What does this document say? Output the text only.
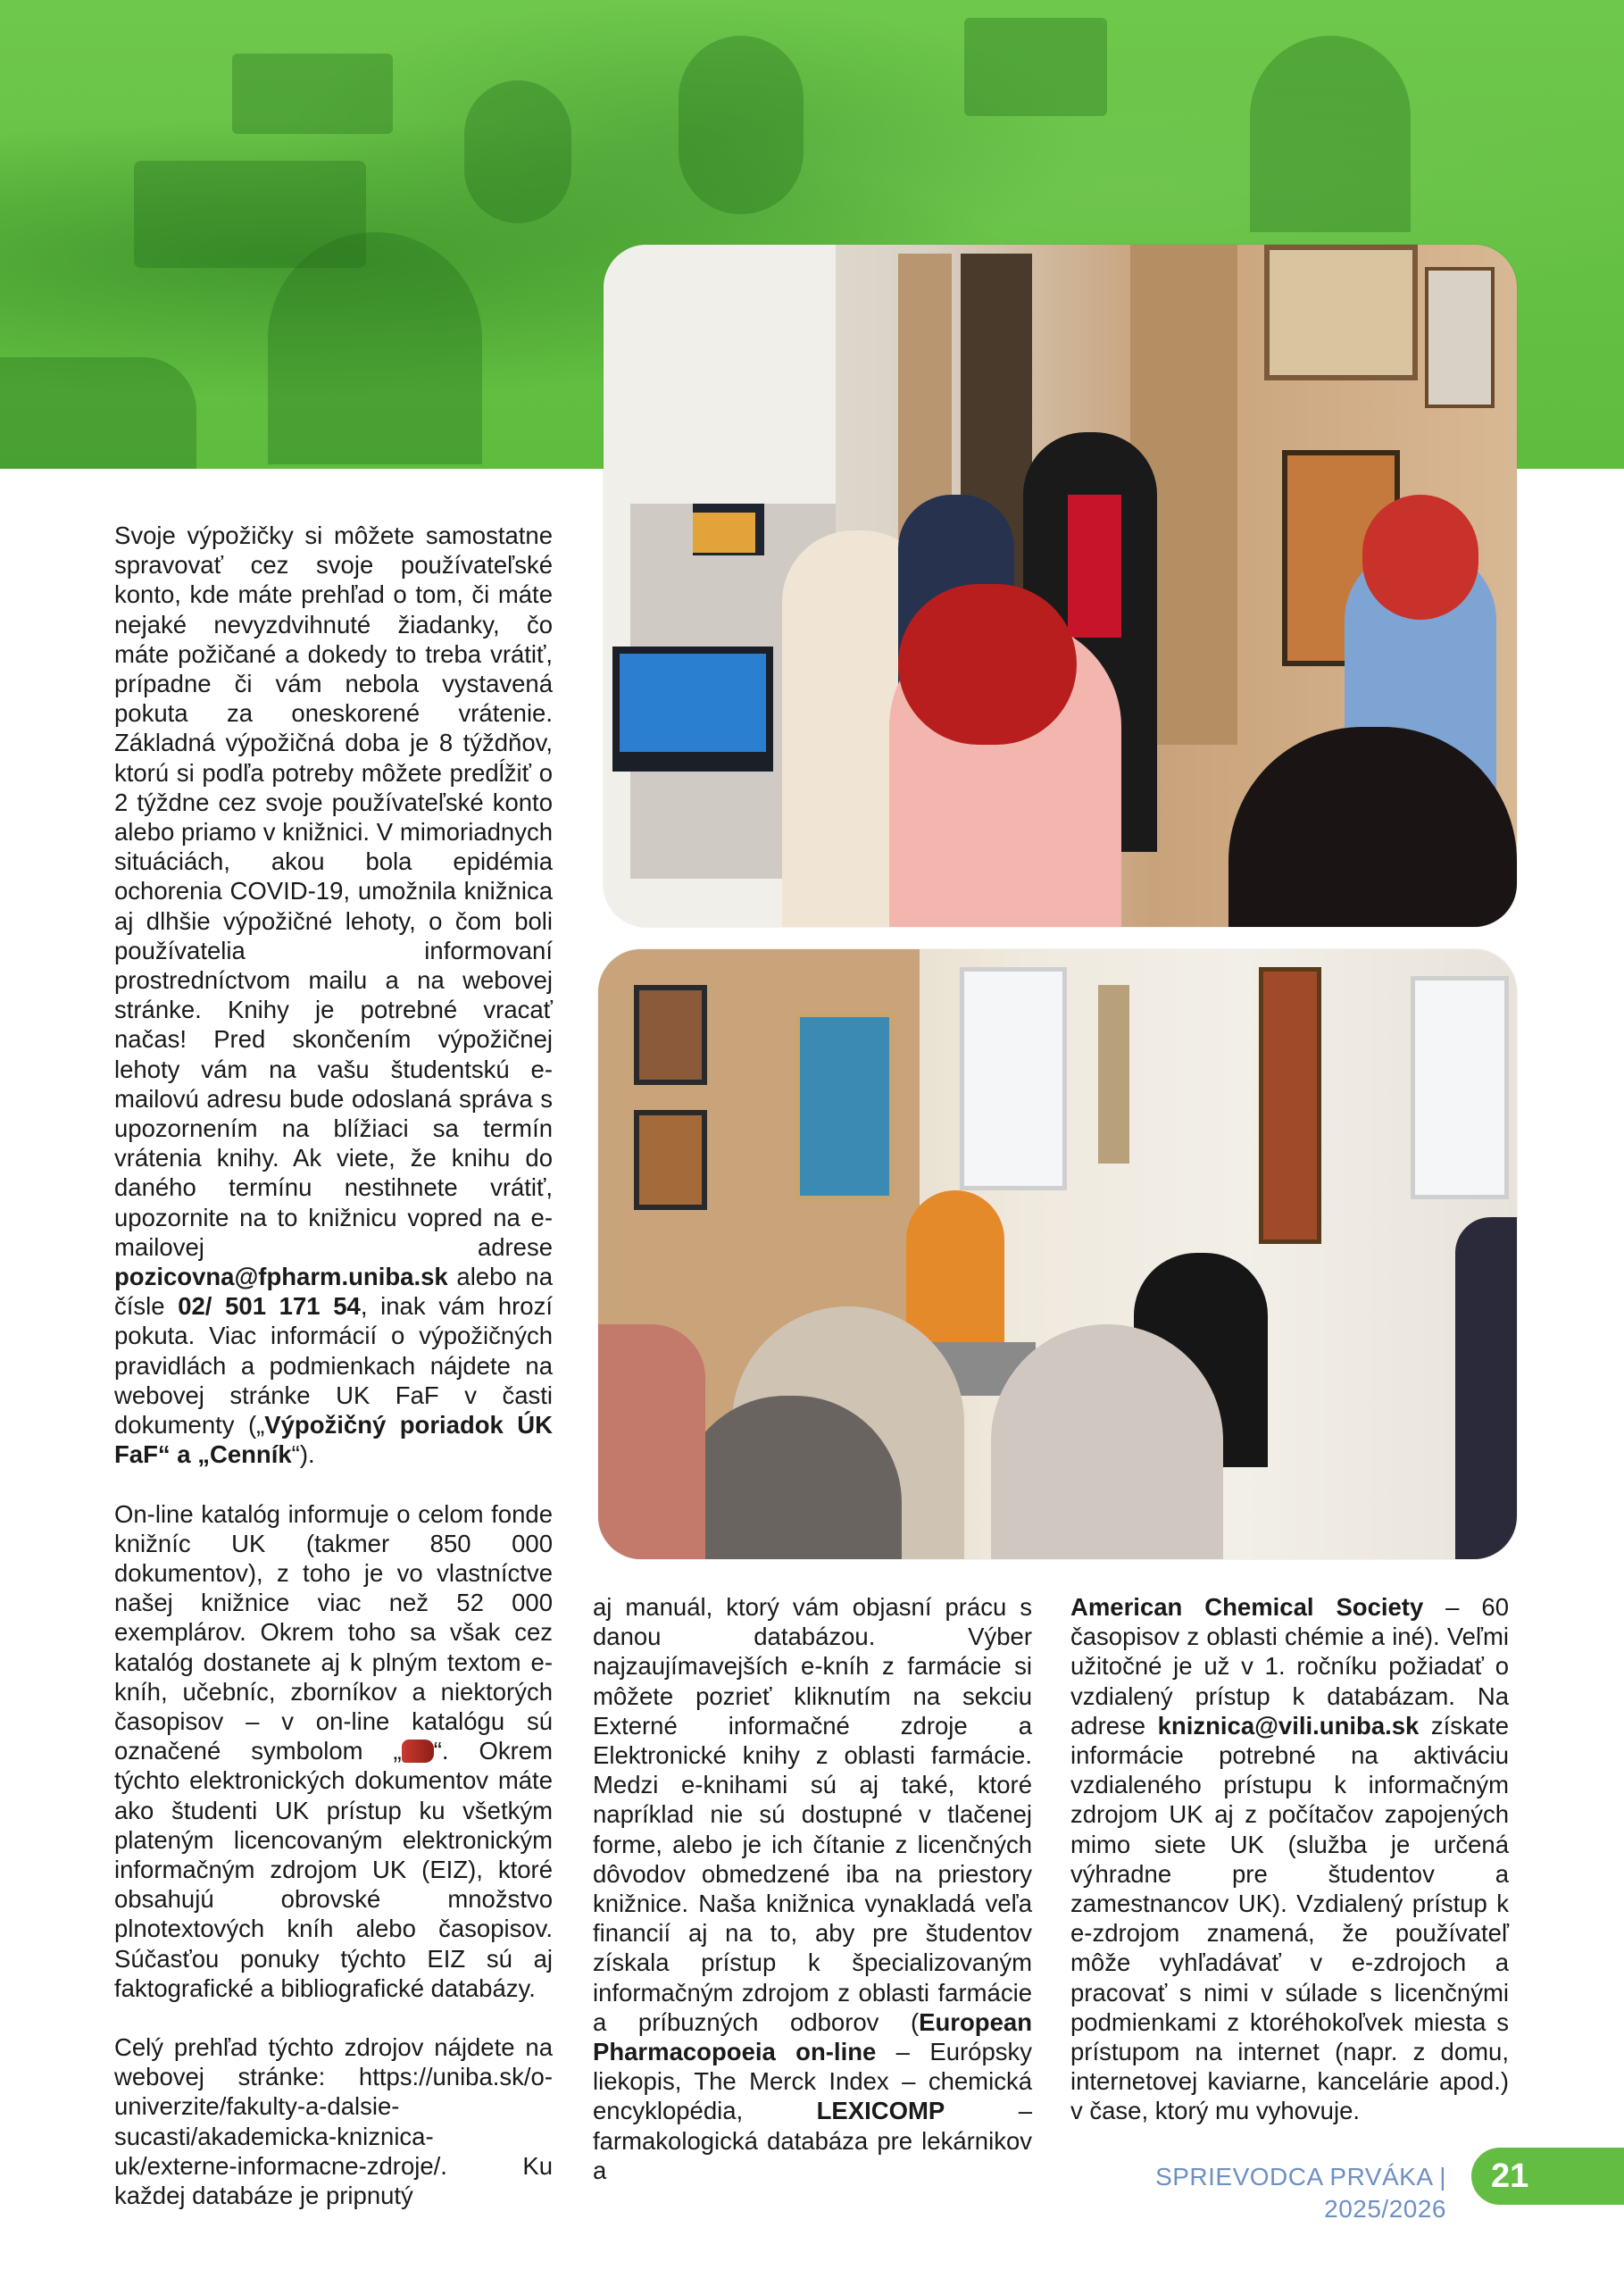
Svoje výpožičky si môžete samostatne spravovať cez svoje používateľské konto, kde máte prehľad o tom, či máte nejaké nevyzdvihnuté žiadanky, čo máte požičané a dokedy to treba vrátiť, prípadne či vám nebola vystavená pokuta za oneskorené vrátenie. Základná výpožičná doba je 8 týždňov, ktorú si podľa potreby môžete predĺžiť o 2 týždne cez svoje používateľské konto alebo priamo v knižnici. V mimoriadnych situáciách, akou bola epidémia ochorenia COVID-19, umožnila knižnica aj dlhšie výpožičné lehoty, o čom boli používatelia informovaní prostredníctvom mailu a na webovej stránke. Knihy je potrebné vracať načas! Pred skončením výpožičnej lehoty vám na vašu študentskú e-mailovú adresu bude odoslaná správa s upozornením na blížiaci sa termín vrátenia knihy. Ak viete, že knihu do daného termínu nestihnete vrátiť, upozornite na to knižnicu vopred na e-mailovej adrese pozicovna@fpharm.uniba.sk alebo na čísle 02/ 501 171 54, inak vám hrozí pokuta. Viac informácií o výpožičných pravidlách a podmienkach nájdete na webovej stránke UK FaF v časti dokumenty („Výpožičný poriadok ÚK FaF“ a „Cenník“).

On-line katalóg informuje o celom fonde knižníc UK (takmer 850 000 dokumentov), z toho je vo vlastníctve našej knižnice viac než 52 000 exemplárov. Okrem toho sa však cez katalóg dostanete aj k plným textom e-kníh, učebníc, zborníkov a niektorých časopisov – v on-line katalógu sú označené symbolom „ “. Okrem týchto elektronických dokumentov máte ako študenti UK prístup ku všetkým plateným licencovaným elektronickým informačným zdrojom UK (EIZ), ktoré obsahujú obrovské množstvo plnotextových kníh alebo časopisov. Súčasťou ponuky týchto EIZ sú aj faktografické a bibliografické databázy.

Celý prehľad týchto zdrojov nájdete na webovej stránke: https://uniba.sk/o-univerzite/fakulty-a-dalsie-sucasti/akademicka-kniznica-uk/externe-informacne-zdroje/. Ku každej databáze je pripnutý

aj manuál, ktorý vám objasní prácu s danou databázou. Výber najzaujímavejších e-kníh z farmácie si môžete pozrieť kliknutím na sekciu Externé informačné zdroje a Elektronické knihy z oblasti farmácie. Medzi e-knihami sú aj také, ktoré napríklad nie sú dostupné v tlačenej forme, alebo je ich čítanie z licenčných dôvodov obmedzené iba na priestory knižnice. Naša knižnica vynakladá veľa financií aj na to, aby pre študentov získala prístup k špecializovaným informačným zdrojom z oblasti farmácie a príbuzných odborov (European Pharmacopoeia on-line – Európsky liekopis, The Merck Index – chemická encyklopédia, LEXICOMP – farmakologická databáza pre lekárnikov a

American Chemical Society – 60 časopisov z oblasti chémie a iné). Veľmi užitočné je už v 1. ročníku požiadať o vzdialený prístup k databázam. Na adrese kniznica@vili.uniba.sk získate informácie potrebné na aktiváciu vzdialeného prístupu k informačným zdrojom UK aj z počítačov zapojených mimo siete UK (služba je určená výhradne pre študentov a zamestnancov UK). Vzdialený prístup k e-zdrojom znamená, že používateľ môže vyhľadávať v e-zdrojoch a pracovať s nimi v súlade s licenčnými podmienkami z ktoréhokoľvek miesta s prístupom na internet (napr. z domu, internetovej kaviarne, kancelárie apod.) v čase, ktorý mu vyhovuje.

SPRIEVODCA PRVÁKA | 2025/2026
21
